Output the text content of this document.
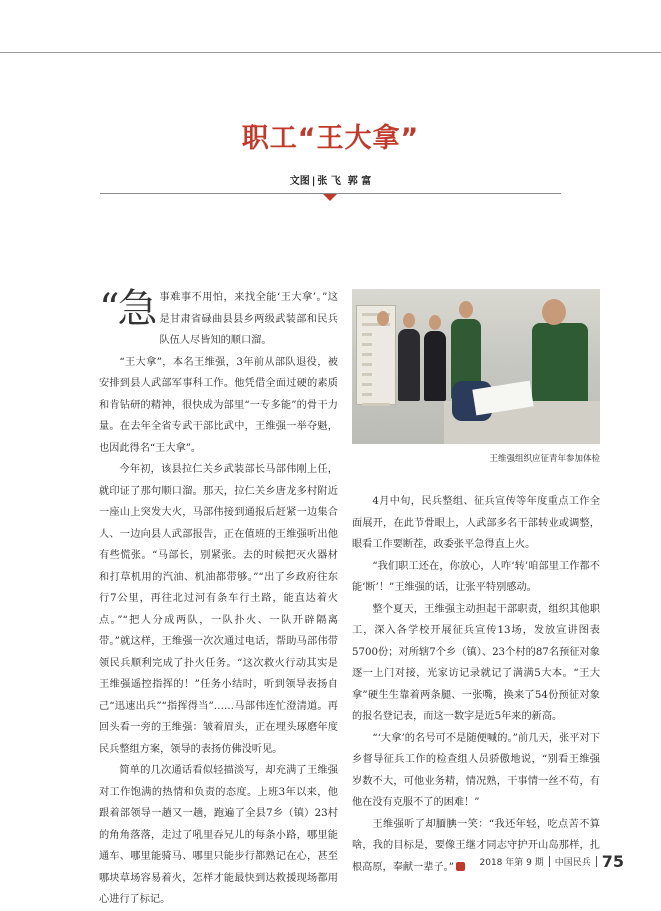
职工“王大拿”
文图 | 张 飞  郭 富

“急事难事不用怕，来找全能‘王大拿’。”这是甘肃省碌曲县县乡两级武装部和民兵队伍人尽皆知的顺口溜。

“王大拿”，本名王维强，3年前从部队退役，被安排到县人武部军事科工作。他凭借全面过硬的素质和肯钻研的精神，很快成为部里“一专多能”的骨干力量。在去年全省专武干部比武中，王维强一举夺魁，也因此得名“王大拿”。

今年初，该县拉仁关乡武装部长马部伟刚上任，就印证了那句顺口溜。那天，拉仁关乡唐龙多村附近一座山上突发大火，马部伟接到通报后赶紧一边集合人、一边向县人武部报告，正在值班的王维强听出他有些慌张。“马部长，别紧张。去的时候把灭火器材和打草机用的汽油、机油都带够。”“出了乡政府往东行7公里，再往北过河有条车行土路，能直达着火点。”“把人分成两队，一队扑火、一队开辟隔离带。”就这样，王维强一次次通过电话，帮助马部伟带领民兵顺利完成了扑火任务。“这次救火行动其实是王维强遥控指挥的！”任务小结时，听到领导表扬自己“迅速出兵”“指挥得当”……马部伟连忙澄清道。再回头看一旁的王维强：皱着眉头，正在埋头琢磨年度民兵整组方案，领导的表扬仿佛没听见。

简单的几次通话看似轻描淡写，却充满了王维强对工作饱满的热情和负责的态度。上班3年以来，他跟着部领导一趟又一趟，跑遍了全县7乡（镇）23村的角角落落，走过了吼里吞兄儿的每条小路，哪里能通车、哪里能骑马、哪里只能步行都熟记在心，甚至哪块草场容易着火，怎样才能最快到达救援现场都用心进行了标记。

王维强组织应征青年参加体检

4月中旬，民兵整组、征兵宣传等年度重点工作全面展开，在此节骨眼上，人武部多名干部转业或调整，眼看工作要断茬，政委张平急得直上火。

“我们职工还在，你放心，人咋‘转’咱部里工作都不能‘断’！”王维强的话，让张平特别感动。

整个夏天，王维强主动担起干部职责，组织其他职工，深入各学校开展征兵宣传13场，发放宣讲图表5700份；对所辖7个乡（镇）、23个村的87名预征对象逐一上门对接，光家访记录就记了满满5大本。“王大拿”硬生生靠着两条腿、一张嘴，换来了54份预征对象的报名登记表，而这一数字是近5年来的新高。

“‘大拿’的名号可不是随便喊的。”前几天，张平对下乡督导征兵工作的检查组人员骄傲地说，“别看王维强岁数不大，可他业务精，情况熟，干事情一丝不苟，有他在没有克服不了的困难！”

王维强听了却腼腆一笑：“我还年轻，吃点苦不算啥，我的目标是，要像王继才同志守护开山岛那样，扎根高原，奉献一辈子。”	2018 年第 9 期 中国民兵 75
